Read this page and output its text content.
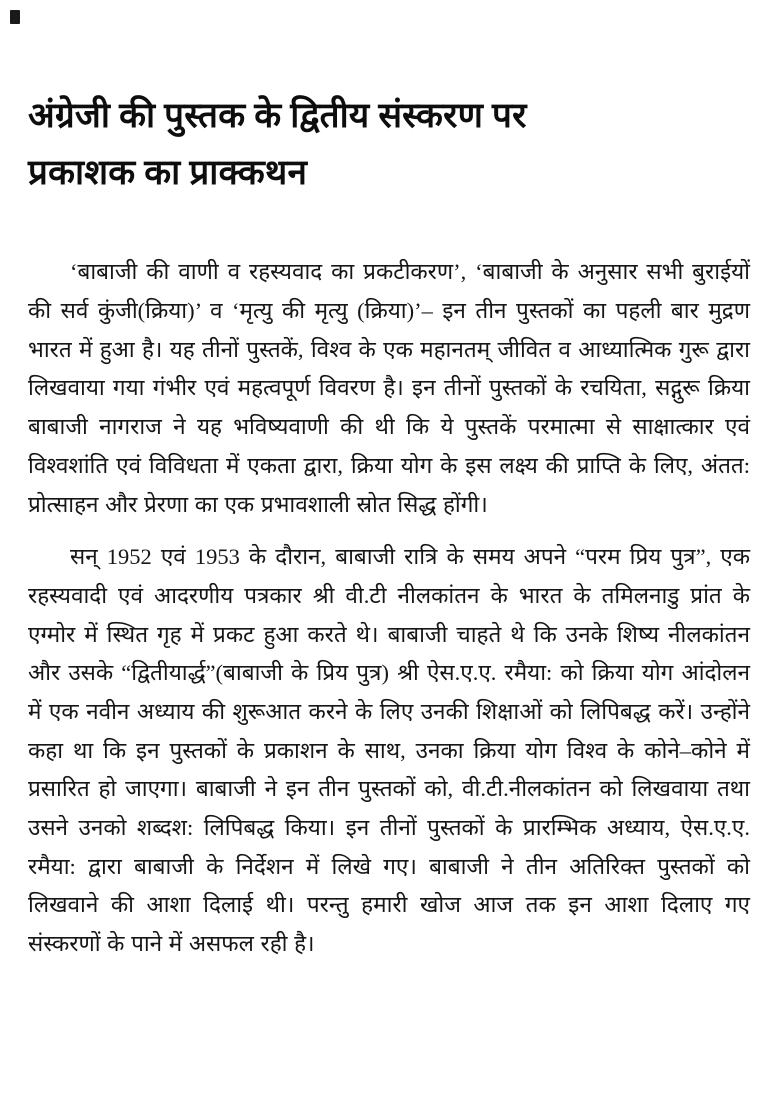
अंग्रेजी की पुस्तक के द्वितीय संस्करण पर
प्रकाशक का प्राक्कथन

‘बाबाजी की वाणी व रहस्यवाद का प्रकटीकरण’, ‘बाबाजी के अनुसार सभी बुराईयों की सर्व कुंजी(क्रिया)’ व ‘मृत्यु की मृत्यु (क्रिया)’– इन तीन पुस्तकों का पहली बार मुद्रण भारत में हुआ है। यह तीनों पुस्तकें, विश्व के एक महानतम् जीवित व आध्यात्मिक गुरू द्वारा लिखवाया गया गंभीर एवं महत्वपूर्ण विवरण है। इन तीनों पुस्तकों के रचयिता, सद्गुरू क्रिया बाबाजी नागराज ने यह भविष्यवाणी की थी कि ये पुस्तकें परमात्मा से साक्षात्कार एवं विश्वशांति एवं विविधता में एकता द्वारा, क्रिया योग के इस लक्ष्य की प्राप्ति के लिए, अंतत: प्रोत्साहन और प्रेरणा का एक प्रभावशाली स्रोत सिद्ध होंगी।

सन् 1952 एवं 1953 के दौरान, बाबाजी रात्रि के समय अपने “परम प्रिय पुत्र”, एक रहस्यवादी एवं आदरणीय पत्रकार श्री वी.टी नीलकांतन के भारत के तमिलनाडु प्रांत के एग्मोर में स्थित गृह में प्रकट हुआ करते थे। बाबाजी चाहते थे कि उनके शिष्य नीलकांतन और उसके “द्वितीयार्द्ध”(बाबाजी के प्रिय पुत्र) श्री ऐस.ए.ए. रमैया: को क्रिया योग आंदोलन में एक नवीन अध्याय की शुरूआत करने के लिए उनकी शिक्षाओं को लिपिबद्ध करें। उन्होंने कहा था कि इन पुस्तकों के प्रकाशन के साथ, उनका क्रिया योग विश्व के कोने–कोने में प्रसारित हो जाएगा। बाबाजी ने इन तीन पुस्तकों को, वी.टी.नीलकांतन को लिखवाया तथा उसने उनको शब्दश: लिपिबद्ध किया। इन तीनों पुस्तकों के प्रारम्भिक अध्याय, ऐस.ए.ए. रमैया: द्वारा बाबाजी के निर्देशन में लिखे गए। बाबाजी ने तीन अतिरिक्त पुस्तकों को लिखवाने की आशा दिलाई थी। परन्तु हमारी खोज आज तक इन आशा दिलाए गए संस्करणों के पाने में असफल रही है।
